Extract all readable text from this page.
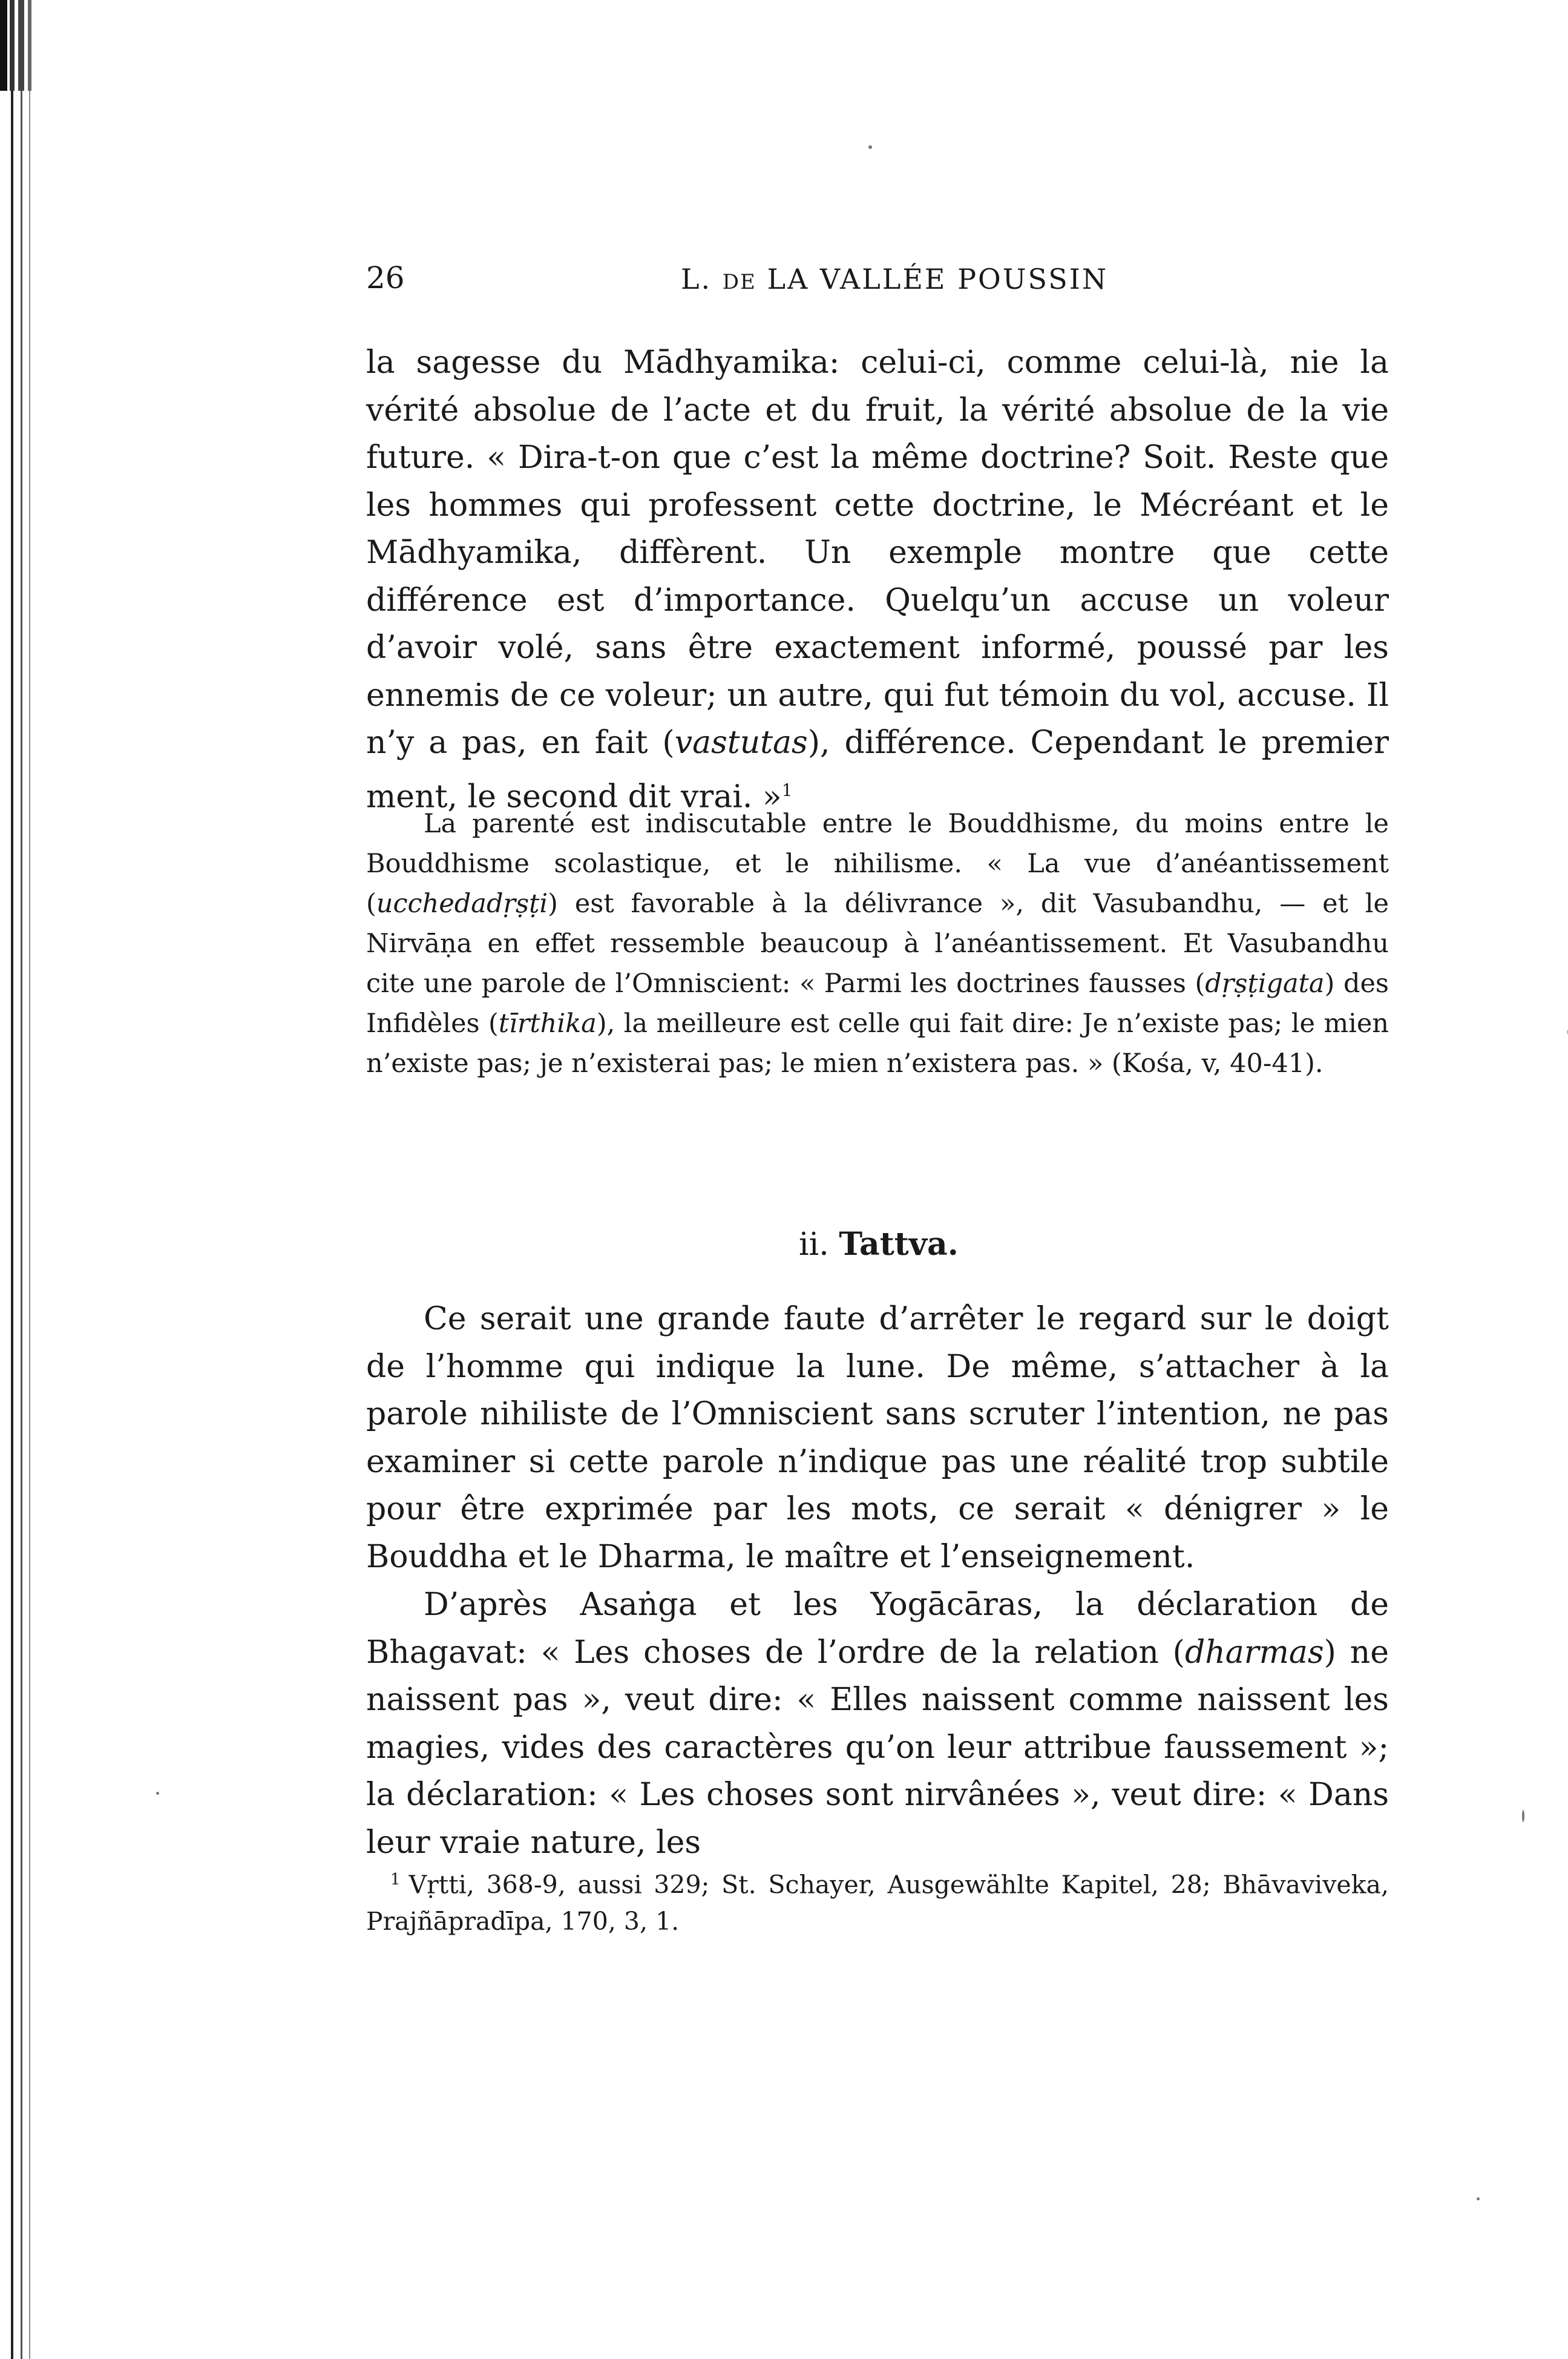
26	L. DE LA VALLÉE POUSSIN

la sagesse du Mādhyamika: celui-ci, comme celui-là, nie la vérité absolue de l’acte et du fruit, la vérité absolue de la vie future. « Dira-t-on que c’est la même doctrine? Soit. Reste que les hommes qui professent cette doctrine, le Mécréant et le Mādhyamika, diffèrent. Un exemple montre que cette différence est d’importance. Quelqu’un accuse un voleur d’avoir volé, sans être exactement informé, poussé par les ennemis de ce voleur; un autre, qui fut témoin du vol, accuse. Il n’y a pas, en fait (vastutas), différence. Cependant le premier ment, le second dit vrai. »$^1$

La parenté est indiscutable entre le Bouddhisme, du moins entre le Bouddhisme scolastique, et le nihilisme. « La vue d’anéantissement (ucchedadṛṣṭi) est favorable à la délivrance », dit Vasubandhu, — et le Nirvāṇa en effet ressemble beaucoup à l’anéantissement. Et Vasubandhu cite une parole de l’Omniscient: « Parmi les doctrines fausses (dṛṣṭigata) des Infidèles (tīrthika), la meilleure est celle qui fait dire: Je n’existe pas; le mien n’existe pas; je n’existerai pas; le mien n’existera pas. » (Kośa, v, 40-41).

ii. Tattva.

Ce serait une grande faute d’arrêter le regard sur le doigt de l’homme qui indique la lune. De même, s’attacher à la parole nihiliste de l’Omniscient sans scruter l’intention, ne pas examiner si cette parole n’indique pas une réalité trop subtile pour être exprimée par les mots, ce serait « dénigrer » le Bouddha et le Dharma, le maître et l’enseignement.

D’après Asaṅga et les Yogācāras, la déclaration de Bhagavat: « Les choses de l’ordre de la relation (dharmas) ne naissent pas », veut dire: « Elles naissent comme naissent les magies, vides des caractères qu’on leur attribue faussement »; la déclaration: « Les choses sont nirvânées », veut dire: « Dans leur vraie nature, les

$^1$ Vṛtti, 368-9, aussi 329; St. Schayer, Ausgewählte Kapitel, 28; Bhāvaviveka, Prajñāpradīpa, 170, 3, 1.
